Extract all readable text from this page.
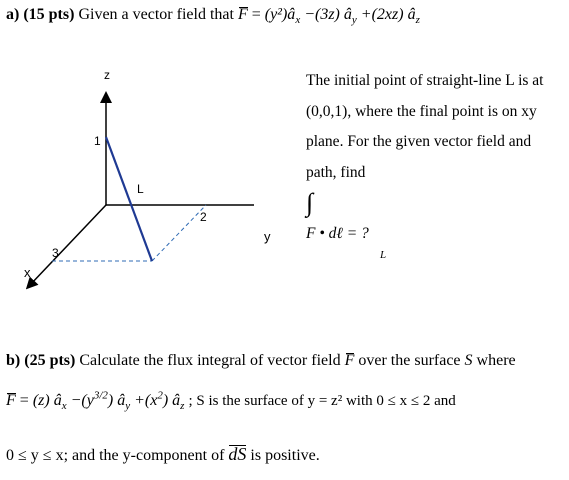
a) (15 pts) Given a vector field that $F = (y^2)â_x -(3z)$ $â_y +(2xz)$ $â_z$
z
y
x
1
2
3
L
The initial point of straight-line L is at
(0,0,1), where the final point is on xy
plane. For the given vector field and
path, find
∫
F • dℓ = ?
L
b) (25 pts) Calculate the flux integral of vector field F over the surface S where
F = (z) $â_x -(y^{3/2})$ $â_y +(x^2)$ $â_z$ ; S is the surface of y = z² with 0 ≤ x ≤ 2 and
0 ≤ y ≤ x; and the y-component of dS is positive.
